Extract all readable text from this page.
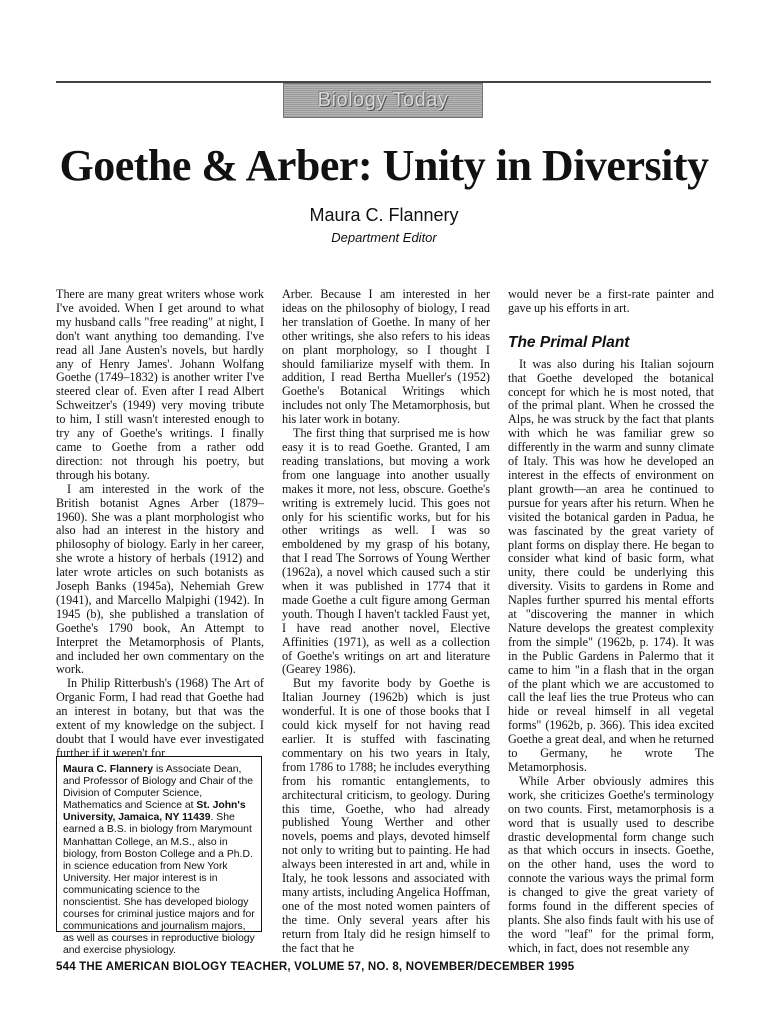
Biology Today
Goethe & Arber: Unity in Diversity
Maura C. Flannery
Department Editor

There are many great writers whose work I've avoided. When I get around to what my husband calls "free reading" at night, I don't want anything too demanding. I've read all Jane Austen's novels, but hardly any of Henry James'. Johann Wolfang Goethe (1749–1832) is another writer I've steered clear of. Even after I read Albert Schweitzer's (1949) very moving tribute to him, I still wasn't interested enough to try any of Goethe's writings. I finally came to Goethe from a rather odd direction: not through his poetry, but through his botany.

I am interested in the work of the British botanist Agnes Arber (1879–1960). She was a plant morphologist who also had an interest in the history and philosophy of biology. Early in her career, she wrote a history of herbals (1912) and later wrote articles on such botanists as Joseph Banks (1945a), Nehemiah Grew (1941), and Marcello Malpighi (1942). In 1945 (b), she published a translation of Goethe's 1790 book, An Attempt to Interpret the Metamorphosis of Plants, and included her own commentary on the work.

In Philip Ritterbush's (1968) The Art of Organic Form, I had read that Goethe had an interest in botany, but that was the extent of my knowledge on the subject. I doubt that I would have ever investigated further if it weren't for

Maura C. Flannery is Associate Dean, and Professor of Biology and Chair of the Division of Computer Science, Mathematics and Science at St. John's University, Jamaica, NY 11439. She earned a B.S. in biology from Marymount Manhattan College, an M.S., also in biology, from Boston College and a Ph.D. in science education from New York University. Her major interest is in communicating science to the nonscientist. She has developed biology courses for criminal justice majors and for communications and journalism majors, as well as courses in reproductive biology and exercise physiology.

Arber. Because I am interested in her ideas on the philosophy of biology, I read her translation of Goethe. In many of her other writings, she also refers to his ideas on plant morphology, so I thought I should familiarize myself with them. In addition, I read Bertha Mueller's (1952) Goethe's Botanical Writings which includes not only The Metamorphosis, but his later work in botany.

The first thing that surprised me is how easy it is to read Goethe. Granted, I am reading translations, but moving a work from one language into another usually makes it more, not less, obscure. Goethe's writing is extremely lucid. This goes not only for his scientific works, but for his other writings as well. I was so emboldened by my grasp of his botany, that I read The Sorrows of Young Werther (1962a), a novel which caused such a stir when it was published in 1774 that it made Goethe a cult figure among German youth. Though I haven't tackled Faust yet, I have read another novel, Elective Affinities (1971), as well as a collection of Goethe's writings on art and literature (Gearey 1986).

But my favorite body by Goethe is Italian Journey (1962b) which is just wonderful. It is one of those books that I could kick myself for not having read earlier. It is stuffed with fascinating commentary on his two years in Italy, from 1786 to 1788; he includes everything from his romantic entanglements, to architectural criticism, to geology. During this time, Goethe, who had already published Young Werther and other novels, poems and plays, devoted himself not only to writing but to painting. He had always been interested in art and, while in Italy, he took lessons and associated with many artists, including Angelica Hoffman, one of the most noted women painters of the time. Only several years after his return from Italy did he resign himself to the fact that he

would never be a first-rate painter and gave up his efforts in art.

The Primal Plant

It was also during his Italian sojourn that Goethe developed the botanical concept for which he is most noted, that of the primal plant. When he crossed the Alps, he was struck by the fact that plants with which he was familiar grew so differently in the warm and sunny climate of Italy. This was how he developed an interest in the effects of environment on plant growth—an area he continued to pursue for years after his return. When he visited the botanical garden in Padua, he was fascinated by the great variety of plant forms on display there. He began to consider what kind of basic form, what unity, there could be underlying this diversity. Visits to gardens in Rome and Naples further spurred his mental efforts at "discovering the manner in which Nature develops the greatest complexity from the simple" (1962b, p. 174). It was in the Public Gardens in Palermo that it came to him "in a flash that in the organ of the plant which we are accustomed to call the leaf lies the true Proteus who can hide or reveal himself in all vegetal forms" (1962b, p. 366). This idea excited Goethe a great deal, and when he returned to Germany, he wrote The Metamorphosis.

While Arber obviously admires this work, she criticizes Goethe's terminology on two counts. First, metamorphosis is a word that is usually used to describe drastic developmental form change such as that which occurs in insects. Goethe, on the other hand, uses the word to connote the various ways the primal form is changed to give the great variety of forms found in the different species of plants. She also finds fault with his use of the word "leaf" for the primal form, which, in fact, does not resemble any

544 THE AMERICAN BIOLOGY TEACHER, VOLUME 57, NO. 8, NOVEMBER/DECEMBER 1995
